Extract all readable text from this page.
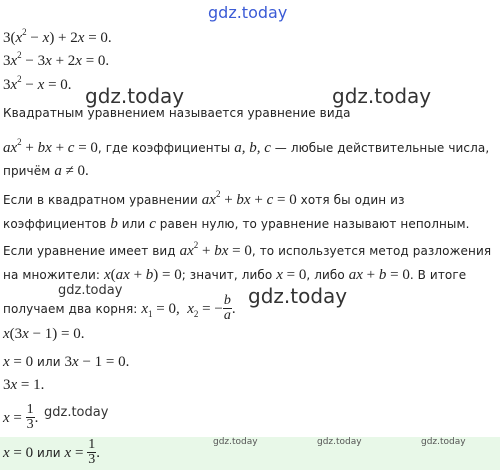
gdz.today
$3(x^2 - x) + 2x = 0$.
$3x^2 - 3x + 2x = 0$.
$3x^2 - x = 0$. gdz.today	gdz.today
Квадратным уравнением называется уравнение вида
$ax^2$ + bx + c = 0, где коэффициенты a, b, c — любые действительные числа,
причём a ≠ 0.
Если в квадратном уравнении $ax^2$ + bx + c = 0 хотя бы один из
коэффициентов b или c равен нулю, то уравнение называют неполным.
Если уравнение имеет вид $ax^2$ + bx = 0, то используется метод разложения
на множители: x(ax + b) = 0; значит, либо x = 0, либо ax + b = 0. В итоге
gdz.today	gdz.today
получаем два корня: $x_1 = 0$,  $x_2$ = − $\frac{b}{a}$ .
x(3x − 1) = 0.
x = 0 или 3x − 1 = 0.
3x = 1.
$x = \frac{1}{3}$ . gdz.today
gdz.today	gdz.today	gdz.today
x = 0 или $x = \frac{1}{3}$ .
